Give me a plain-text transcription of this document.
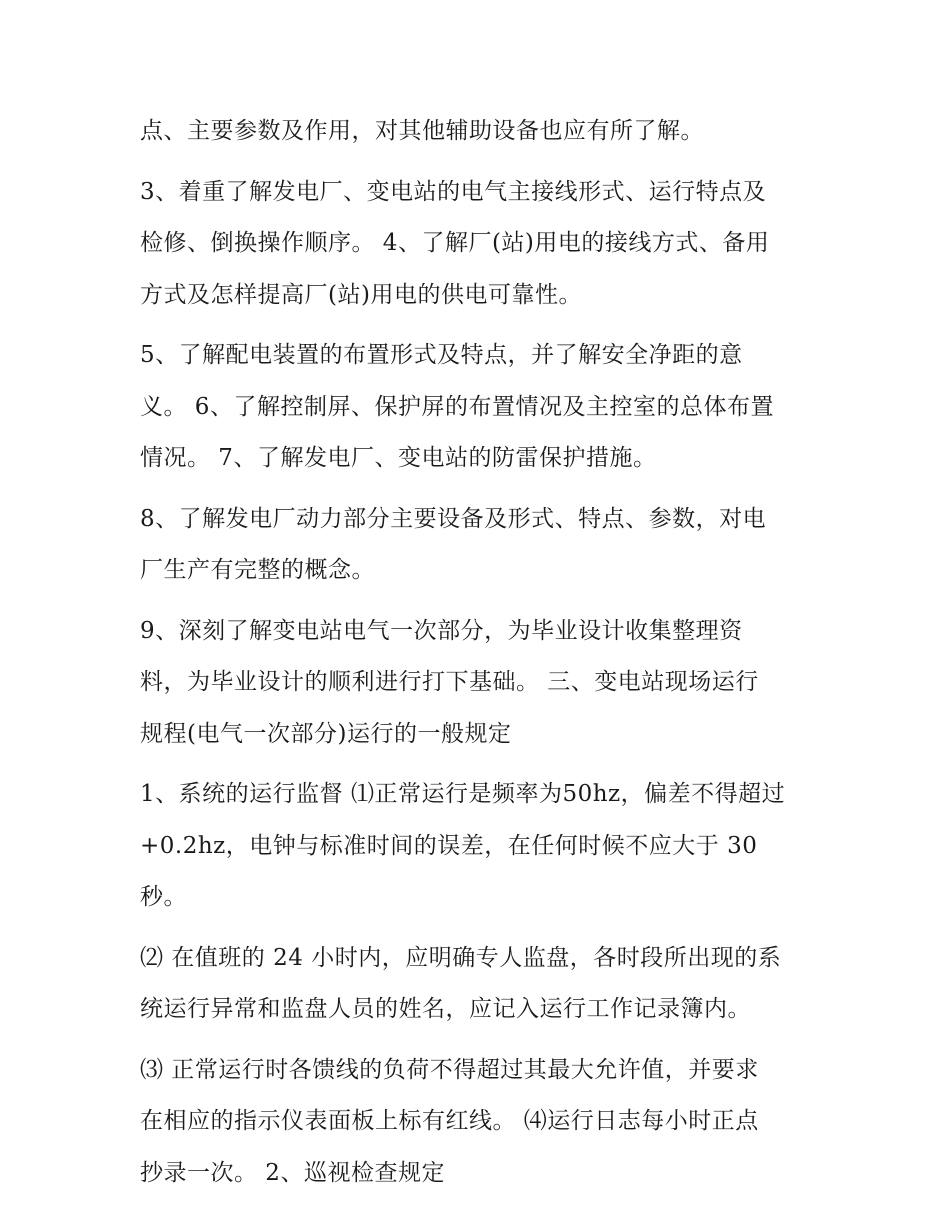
点、主要参数及作用，对其他辅助设备也应有所了解。
3、着重了解发电厂、变电站的电气主接线形式、运行特点及
检修、倒换操作顺序。 4、了解厂(站)用电的接线方式、备用
方式及怎样提高厂(站)用电的供电可靠性。
5、了解配电装置的布置形式及特点，并了解安全净距的意
义。 6、了解控制屏、保护屏的布置情况及主控室的总体布置
情况。 7、了解发电厂、变电站的防雷保护措施。
8、了解发电厂动力部分主要设备及形式、特点、参数，对电
厂生产有完整的概念。
9、深刻了解变电站电气一次部分，为毕业设计收集整理资
料，为毕业设计的顺利进行打下基础。 三、变电站现场运行
规程(电气一次部分)运行的一般规定
1、系统的运行监督 ⑴正常运行是频率为50hz，偏差不得超过
+0.2hz，电钟与标准时间的误差，在任何时候不应大于 30
秒。
⑵ 在值班的 24 小时内，应明确专人监盘，各时段所出现的系
统运行异常和监盘人员的姓名，应记入运行工作记录簿内。
⑶ 正常运行时各馈线的负荷不得超过其最大允许值，并要求
在相应的指示仪表面板上标有红线。 ⑷运行日志每小时正点
抄录一次。 2、巡视检查规定
